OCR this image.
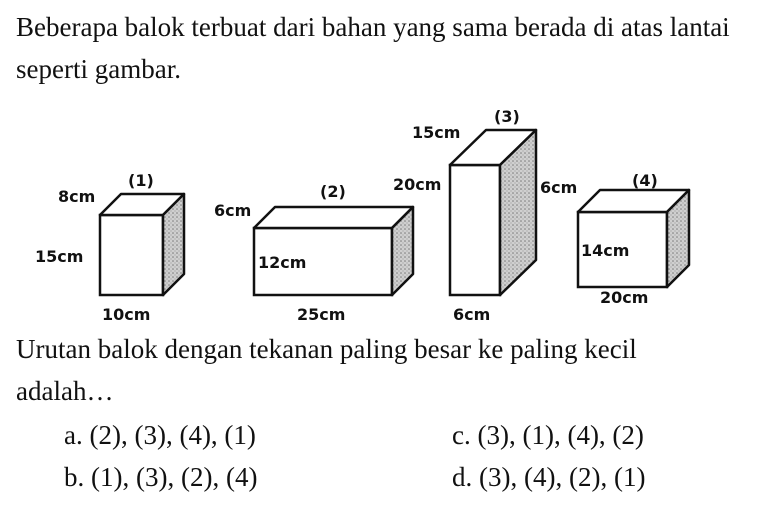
Beberapa balok terbuat dari bahan yang sama berada di atas lantai seperti gambar.
(1)
8cm
15cm
10cm
(2)
6cm
12cm
25cm
(3)
15cm
20cm
6cm
(4)
6cm
14cm
20cm
Urutan balok dengan tekanan paling besar ke paling kecil adalah…
a. (2), (3), (4), (1)
b. (1), (3), (2), (4)
c. (3), (1), (4), (2)
d. (3), (4), (2), (1)
